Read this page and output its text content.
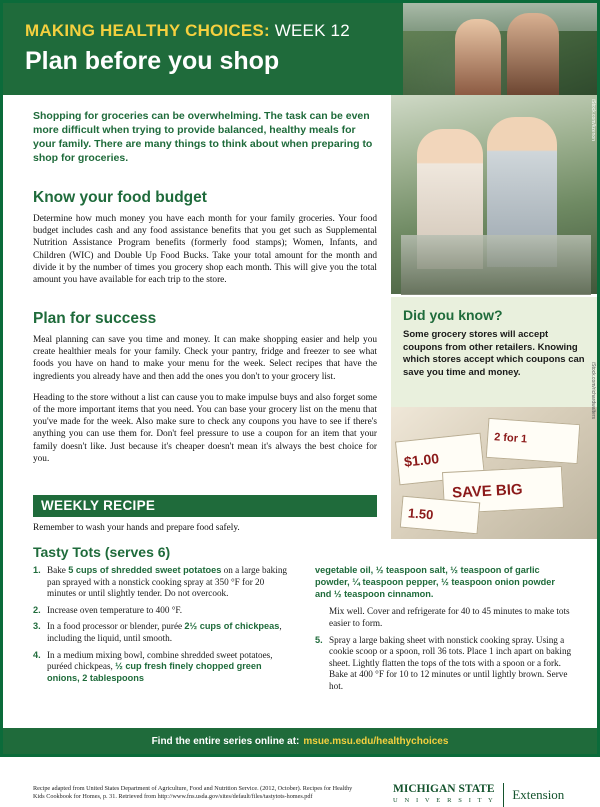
MAKING HEALTHY CHOICES: WEEK 12
Plan before you shop
iStock.com/kzenon
Shopping for groceries can be overwhelming. The task can be even more difficult when trying to provide balanced, healthy meals for your family. There are many things to think about when preparing to shop for groceries.
Know your food budget
Determine how much money you have each month for your family groceries. Your food budget includes cash and any food assistance benefits that you get such as Supplemental Nutrition Assistance Program benefits (formerly food stamps); Women, Infants, and Children (WIC) and Double Up Food Bucks. Take your total amount for the month and divide it by the number of times you grocery shop each month. This will give you the total amount you have available for each trip to the store.
Plan for success
Meal planning can save you time and money. It can make shopping easier and help you create healthier meals for your family. Check your pantry, fridge and freezer to see what foods you have on hand to make your menu for the week. Select recipes that have the ingredients you already have and then add the ones you don't to your grocery list.
Heading to the store without a list can cause you to make impulse buys and also forget some of the more important items that you need. You can base your grocery list on the menu that you've made for the week. Also make sure to check any coupons you have to see if there's anything you can use them for. Don't feel pressure to use a coupon for an item that your family doesn't like. Just because it's cheaper doesn't mean it's always the best choice for you.
Did you know?

Some grocery stores will accept coupons from other retailers. Knowing which stores accept which coupons can save you time and money.

2 for 1
$1.00
SAVE BIG
1.50
iStock.com/richardwalters
WEEKLY RECIPE
Remember to wash your hands and prepare food safely.
Tasty Tots (serves 6)
1. Bake 5 cups of shredded sweet potatoes on a large baking pan sprayed with a nonstick cooking spray at 350 °F for 20 minutes or until slightly tender. Do not overcook.
2. Increase oven temperature to 400 °F.
3. In a food processor or blender, purée 2½ cups of chickpeas, including the liquid, until smooth.
4. In a medium mixing bowl, combine shredded sweet potatoes, puréed chickpeas, ½ cup fresh finely chopped green onions, 2 tablespoons

vegetable oil, ½ teaspoon salt, ½ teaspoon of garlic powder, ¼ teaspoon pepper, ½ teaspoon onion powder and ½ teaspoon cinnamon.

Mix well. Cover and refrigerate for 40 to 45 minutes to make tots easier to form.
5. Spray a large baking sheet with nonstick cooking spray. Using a cookie scoop or a spoon, roll 36 tots. Place 1 inch apart on baking sheet. Lightly flatten the tops of the tots with a spoon or a fork. Bake at 400 °F for 10 to 12 minutes or until lightly brown. Serve hot.
Recipe adapted from United States Department of Agriculture, Food and Nutrition Service. (2012, October). Recipes for Healthy Kids Cookbook for Homes, p. 31. Retrieved from http://www.fns.usda.gov/sites/default/files/tastytots-homes.pdf
MICHIGAN STATE
U N I V E R S I T Y Extension
Find the entire series online at: msue.msu.edu/healthychoices
